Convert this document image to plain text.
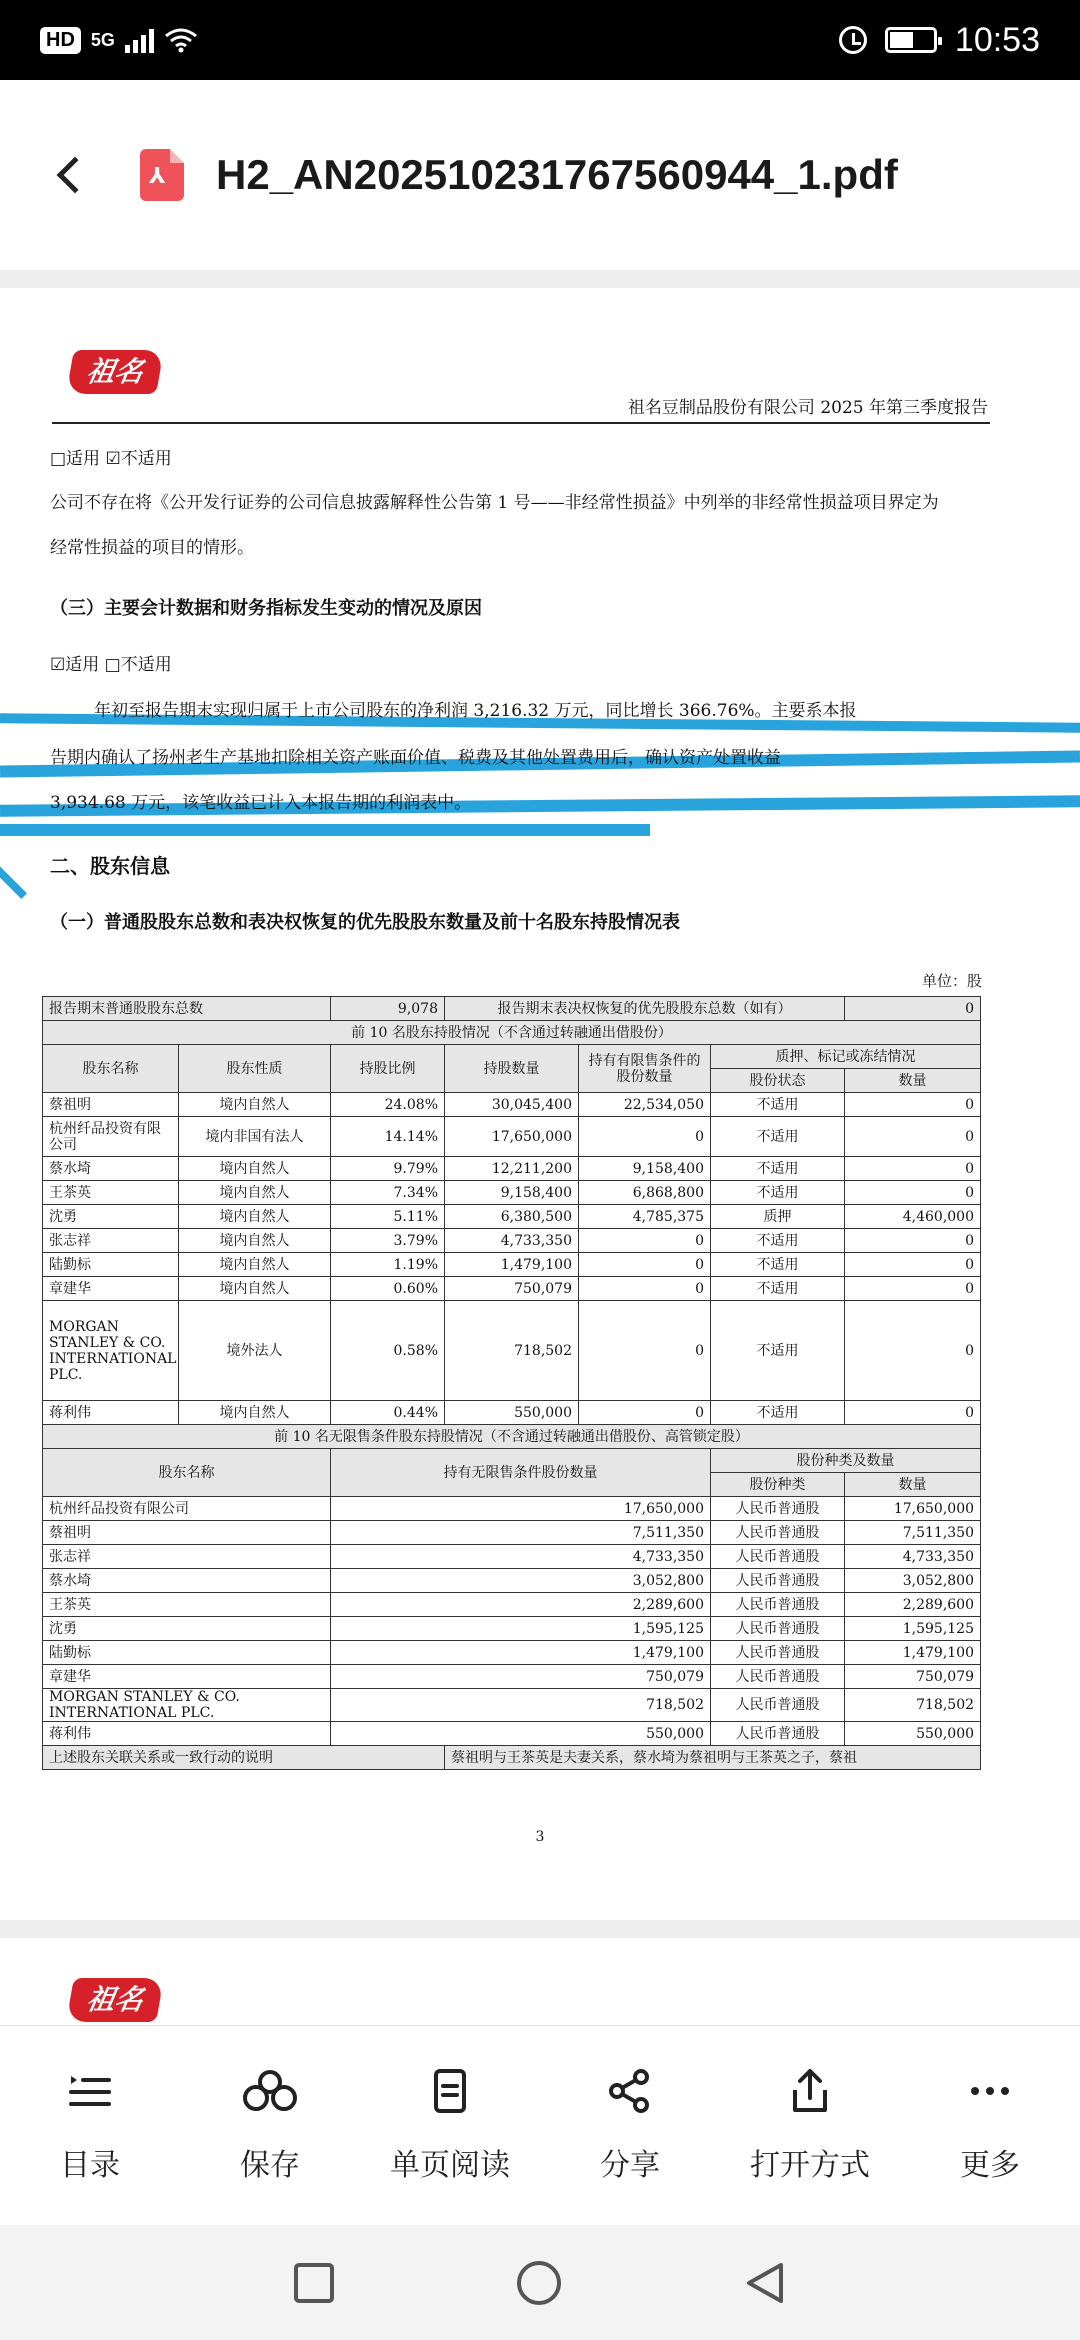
HD 5G	10:53
⅄ H2_AN202510231767560944_1.pdf
祖名
祖名豆制品股份有限公司 2025 年第三季度报告
□适用 ☑不适用
公司不存在将《公开发行证券的公司信息披露解释性公告第 1 号——非经常性损益》中列举的非经常性损益项目界定为
经常性损益的项目的情形。
（三）主要会计数据和财务指标发生变动的情况及原因
☑适用 □不适用
年初至报告期末实现归属于上市公司股东的净利润 3,216.32 万元，同比增长 366.76%。主要系本报
告期内确认了扬州老生产基地扣除相关资产账面价值、税费及其他处置费用后，确认资产处置收益
3,934.68 万元，该笔收益已计入本报告期的利润表中。
二、股东信息
（一）普通股股东总数和表决权恢复的优先股股东数量及前十名股东持股情况表
单位：股
报告期末普通股股东总数		9,078	报告期末表决权恢复的优先股股东总数（如有）			0
前 10 名股东持股情况（不含通过转融通出借股份）						
股东名称	股东性质	持股比例	持股数量	持有有限售条件的股份数量	质押、标记或冻结情况	
					股份状态	数量
蔡祖明	境内自然人	24.08%	30,045,400	22,534,050	不适用	0
杭州纤品投资有限公司	境内非国有法人	14.14%	17,650,000	0	不适用	0
蔡水埼	境内自然人	9.79%	12,211,200	9,158,400	不适用	0
王茶英	境内自然人	7.34%	9,158,400	6,868,800	不适用	0
沈勇	境内自然人	5.11%	6,380,500	4,785,375	质押	4,460,000
张志祥	境内自然人	3.79%	4,733,350	0	不适用	0
陆勤标	境内自然人	1.19%	1,479,100	0	不适用	0
章建华	境内自然人	0.60%	750,079	0	不适用	0
MORGAN STANLEY & CO. INTERNATIONAL PLC.	境外法人	0.58%	718,502	0	不适用	0
蒋利伟	境内自然人	0.44%	550,000	0	不适用	0
前 10 名无限售条件股东持股情况（不含通过转融通出借股份、高管锁定股）						
股东名称		持有无限售条件股份数量			股份种类及数量	
					股份种类	数量
杭州纤品投资有限公司		17,650,000			人民币普通股	17,650,000
蔡祖明		7,511,350			人民币普通股	7,511,350
张志祥		4,733,350			人民币普通股	4,733,350
蔡水埼		3,052,800			人民币普通股	3,052,800
王茶英		2,289,600			人民币普通股	2,289,600
沈勇		1,595,125			人民币普通股	1,595,125
陆勤标		1,479,100			人民币普通股	1,479,100
章建华		750,079			人民币普通股	750,079
MORGAN STANLEY & CO. INTERNATIONAL PLC.		718,502			人民币普通股	718,502
蒋利伟		550,000			人民币普通股	550,000
上述股东关联关系或一致行动的说明			蔡祖明与王茶英是夫妻关系，蔡水埼为蔡祖明与王茶英之子，蔡祖			
3
祖名
目录	保存	单页阅读	分享	打开方式	更多
